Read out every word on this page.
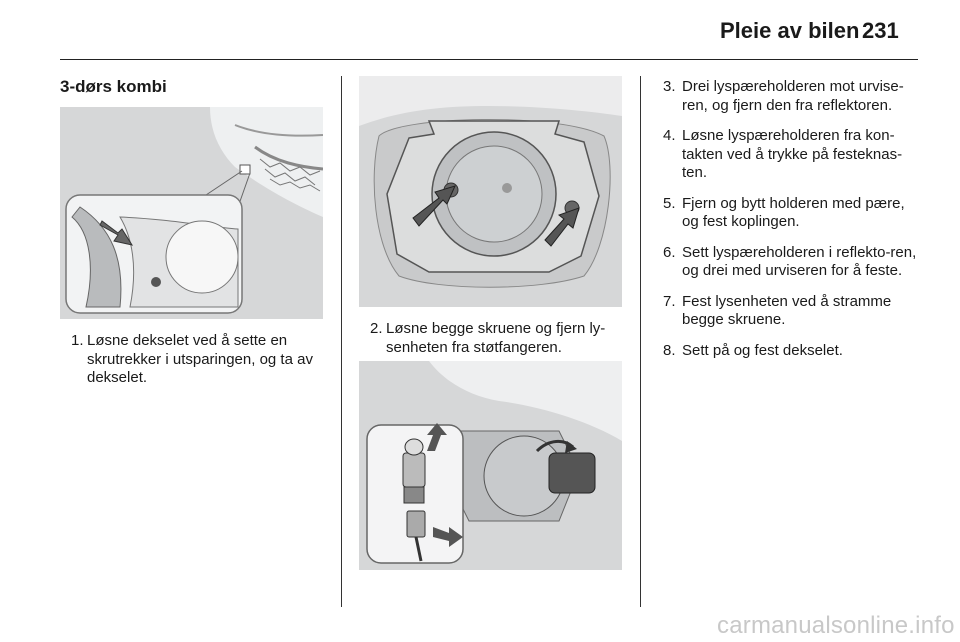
Pleie av bilen 231
3-dørs kombi
1. Løsne dekselet ved å sette en skrutrekker i utsparingen, og ta av dekselet.
2. Løsne begge skruene og fjern ly-senheten fra støtfangeren.
3. Drei lyspæreholderen mot urvise-ren, og fjern den fra reflektoren.
4. Løsne lyspæreholderen fra kon-takten ved å trykke på festeknas-ten.
5. Fjern og bytt holderen med pære, og fest koplingen.
6. Sett lyspæreholderen i reflekto-ren, og drei med urviseren for å feste.
7. Fest lysenheten ved å stramme begge skruene.
8. Sett på og fest dekselet.
carmanualsonline.info
